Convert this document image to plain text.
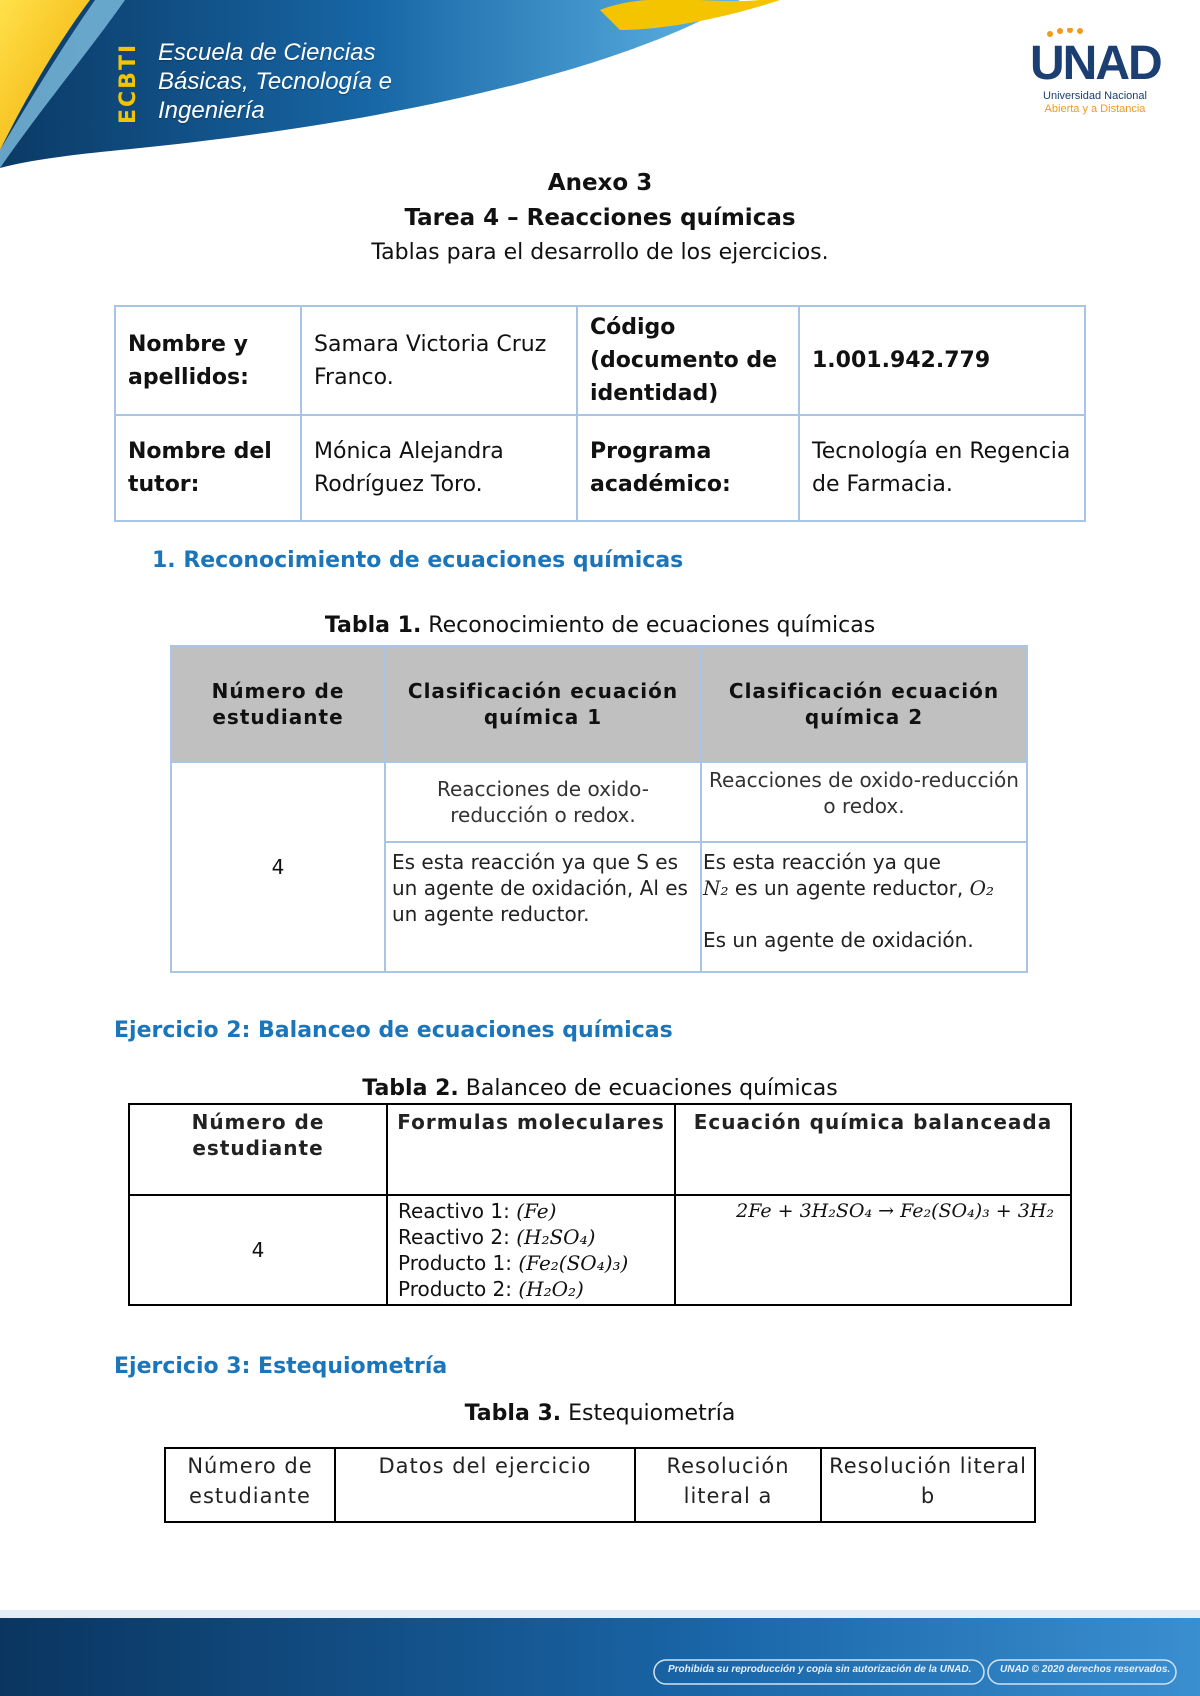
ECBTI Escuela de Ciencias
Básicas, Tecnología e
Ingeniería
UNAD
Universidad Nacional
Abierta y a Distancia
Anexo 3
Tarea 4 – Reacciones químicas
Tablas para el desarrollo de los ejercicios.
Nombre y apellidos:	Samara Victoria Cruz Franco.	Código (documento de identidad)	1.001.942.779
Nombre del tutor:	Mónica Alejandra Rodríguez Toro.	Programa académico:	Tecnología en Regencia de Farmacia.
1. Reconocimiento de ecuaciones químicas
Tabla 1. Reconocimiento de ecuaciones químicas
Número de estudiante	Clasificación ecuación química 1	Clasificación ecuación química 2
4	Reacciones de oxido-reducción o redox.	Reacciones de oxido-reducción o redox.
	Es esta reacción ya que S es un agente de oxidación, Al es un agente reductor.	Es esta reacción ya que
N₂ es un agente reductor, O₂

Es un agente de oxidación.
Ejercicio 2: Balanceo de ecuaciones químicas
Tabla 2. Balanceo de ecuaciones químicas
Número de estudiante	Formulas moleculares	Ecuación química balanceada
4	Reactivo 1: (Fe)
Reactivo 2: (H₂SO₄)
Producto 1: (Fe₂(SO₄)₃)
Producto 2: (H₂O₂)	2Fe + 3H₂SO₄ → Fe₂(SO₄)₃ + 3H₂
Ejercicio 3: Estequiometría
Tabla 3. Estequiometría
Número de estudiante	Datos del ejercicio	Resolución literal a	Resolución literal b
Prohibida su reproducción y copia sin autorización de la UNAD.	UNAD © 2020 derechos reservados.
